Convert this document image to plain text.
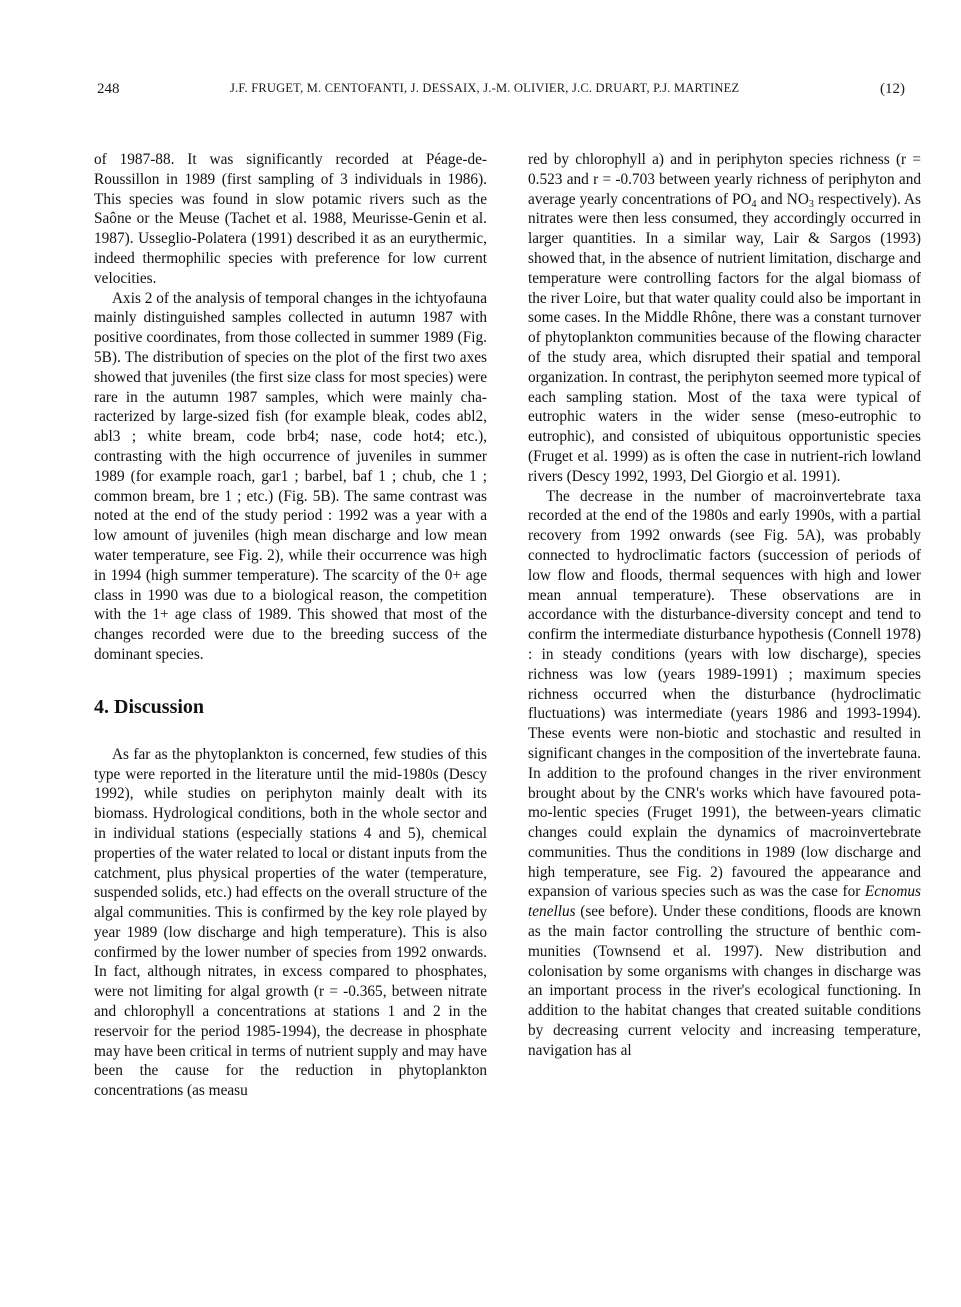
248	J.F. FRUGET, M. CENTOFANTI, J. DESSAIX, J.-M. OLIVIER, J.C. DRUART, P.J. MARTINEZ	(12)

of 1987-88. It was significantly recorded at Péage-de-Roussillon in 1989 (first sampling of 3 individuals in 1986). This species was found in slow potamic rivers such as the Saône or the Meuse (Tachet et al. 1988, Meurisse-Genin et al. 1987). Usseglio-Polatera (1991) described it as an eurythermic, indeed thermophilic species with preference for low current velocities.

Axis 2 of the analysis of temporal changes in the ichtyofauna mainly distinguished samples collected in autumn 1987 with positive coordinates, from those collected in summer 1989 (Fig. 5B). The distribution of species on the plot of the first two axes showed that juveniles (the first size class for most species) were rare in the autumn 1987 samples, which were mainly characterized by large-sized fish (for example bleak, codes abl2, abl3 ; white bream, code brb4; nase, code hot4; etc.), contrasting with the high occurrence of juveniles in summer 1989 (for example roach, gar1 ; barbel, baf 1 ; chub, che 1 ; common bream, bre 1 ; etc.) (Fig. 5B). The same contrast was noted at the end of the study period : 1992 was a year with a low amount of juveniles (high mean discharge and low mean water temperature, see Fig. 2), while their occurrence was high in 1994 (high summer temperature). The scarcity of the 0+ age class in 1990 was due to a biological reason, the competition with the 1+ age class of 1989. This showed that most of the changes recorded were due to the breeding success of the dominant species.

4. Discussion

As far as the phytoplankton is concerned, few studies of this type were reported in the literature until the mid-1980s (Descy 1992), while studies on periphyton mainly dealt with its biomass. Hydrological conditions, both in the whole sector and in individual stations (especially stations 4 and 5), chemical properties of the water related to local or distant inputs from the catchment, plus physical properties of the water (temperature, suspended solids, etc.) had effects on the overall structure of the algal communities. This is confirmed by the key role played by year 1989 (low discharge and high temperature). This is also confirmed by the lower number of species from 1992 onwards. In fact, although nitrates, in excess compared to phosphates, were not limiting for algal growth (r = -0.365, between nitrate and chlorophyll a concentrations at stations 1 and 2 in the reservoir for the period 1985-1994), the decrease in phosphate may have been critical in terms of nutrient supply and may have been the cause for the reduction in phytoplankton concentrations (as measu

red by chlorophyll a) and in periphyton species richness (r = 0.523 and r = -0.703 between yearly richness of periphyton and average yearly concentrations of $PO_4$ and $NO_3$ respectively). As nitrates were then less consumed, they accordingly occurred in larger quantities. In a similar way, Lair & Sargos (1993) showed that, in the absence of nutrient limitation, discharge and temperature were controlling factors for the algal biomass of the river Loire, but that water quality could also be important in some cases. In the Middle Rhône, there was a constant turnover of phytoplankton communities because of the flowing character of the study area, which disrupted their spatial and temporal organization. In contrast, the periphyton seemed more typical of each sampling station. Most of the taxa were typical of eutrophic waters in the wider sense (meso-eutrophic to eutrophic), and consisted of ubiquitous opportunistic species (Fruget et al. 1999) as is often the case in nutrient-rich lowland rivers (Descy 1992, 1993, Del Giorgio et al. 1991).

The decrease in the number of macroinvertebrate taxa recorded at the end of the 1980s and early 1990s, with a partial recovery from 1992 onwards (see Fig. 5A), was probably connected to hydroclimatic factors (succession of periods of low flow and floods, thermal sequences with high and lower mean annual temperature). These observations are in accordance with the disturbance-diversity concept and tend to confirm the intermediate disturbance hypothesis (Connell 1978) : in steady conditions (years with low discharge), species richness was low (years 1989-1991) ; maximum species richness occurred when the disturbance (hydroclimatic fluctuations) was intermediate (years 1986 and 1993-1994). These events were non-biotic and stochastic and resulted in significant changes in the composition of the invertebrate fauna. In addition to the profound changes in the river environment brought about by the CNR's works which have favoured potamo-lentic species (Fruget 1991), the between-years climatic changes could explain the dynamics of macroinvertebrate communities. Thus the conditions in 1989 (low discharge and high temperature, see Fig. 2) favoured the appearance and expansion of various species such as was the case for Ecnomus tenellus (see before). Under these conditions, floods are known as the main factor controlling the structure of benthic communities (Townsend et al. 1997). New distribution and colonisation by some organisms with changes in discharge was an important process in the river's ecological functioning. In addition to the habitat changes that created suitable conditions by decreasing current velocity and increasing temperature, navigation has al
